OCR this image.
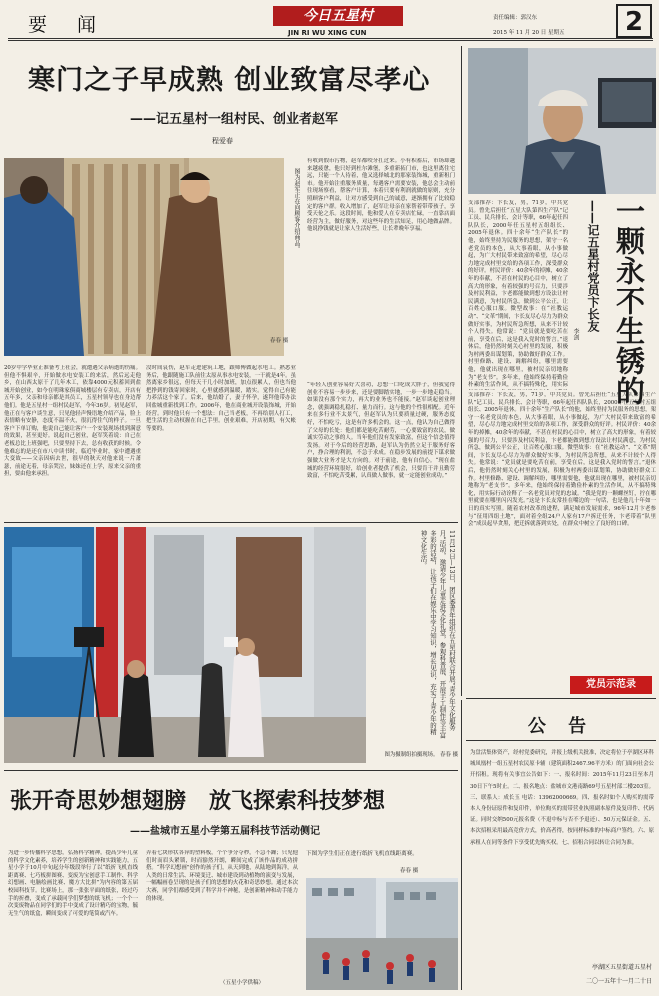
要 闻	今日五星村
JIN RI WU XING CUN
责任编辑：郭汉东
2015 年 11 月 20 日 星期五	2
寒门之子早成熟 创业致富尽孝心
——记五星村一组村民、创业者赵军
程爱春
图为赵军正在向顾客介绍商品。
春春 摄
20岁中学毕业正准备考上社会，就遭遇父亲病逝的伤痛。但他不惧艰辛，开始做水电安装工的来活，然后远走他乡，在山西太原干了几年木工，依靠4000元积蓄回到盐城开始创业，如今在明珠家俱商城楼层有专卖店，开店有五年多，父亲和母亲都是其员工，五星村领导也在身边帮他们。他是五星村一组村民赵军，今年36岁。初见赵军，他正在与客户谈生意，只见他轻声慢语地介绍产品，脸上表情略有安静，态度不温不火，很沉得住气的样子。一旦客户下单订购，他说自己能让客户一个安装现场找到满意的效果，甚至更好。说起自己创业，赵军笑着说：自己在老板总比上班强吧，只要坚持下去，总有收获的时候。令他难忘的是还在市八中读书时，临近毕业时，家中遭遇重大变故——父亲因病去世，很早的秋天对他来说一片萧瑟，前途无着，母亲哭泣，妹妹还在上学，原来父亲的重担，要由他来承担。
没时间哀伤，赵军走进建筑工地，跟师傅做起水电工。熟悉业务后，他跟随施工队前往太原从事水电安装，一干就是4年。虽然离家乡很远，但每天干几小时加班，加点很累人，但也当他把挣到的钱寄回家时，心里就感到温暖，踏实。觉得自己有能力养活这个家了。后来，他结婚了，妻子怀孕，遂拜他带办法回盐城重新找到工作。2006年，他在商业城开设装饰城，开始经营。到时他只有一个想法：自己当老板，不再给别人打工，把生活的主动权握在自己手里。创业艰难，开店初期，有欠帐等要的。
有收到假币污物，赵军都咬牙扛过来。小有积蓄后，市场却越来越疲惫，他只好到杜尔滩堡，多重新拓门市，也这里离住宅远，只能一个人待着，他又选择城北的那家装饰城，重新租门市。他开始注重服务质量，每遇客户需要安装，他总会主动前往现场察看，帮客户计算，本着只要有利润就做的原则，充分照顾客户利益，让对方感受到自己的诚意，逐渐拥有了比较稳定的客户群。收入增加了，赵军让母亲在家帮着带带孩子，享受天伦之乐。这段时间，他和爱人在专卖店忙碌，一直靠店面经营为主，做好服务，对这些年的生活知足，用心地做品牌。他说挣钱就是让家人生活好些，让长辈晚年享福。
“年轻人创业容易好大喜功，总想一口吃成大胖子，但我觉得创业不容易一步步来，还是要脚踏实地，一步一步地走稳当。如果没有那个实力，再大的业务也不能接。”赵军谈起创业理念，就强调稳扎稳打、量力而行。这与他的个性很相配。近年来在多行业不太景气，但赵军认为只要质量过硬，服务态度好，不怕吃亏，这是有许多机会的。这一点，他认为自己做得了父母的长处：他们都是能吃苦耐劳，一心要致富的农民，做诚实劳动之事的人。当年他们没有发家致富，但这个信念值得发扬。对于今后的经营思路，赵军认为仍然立足于服务好客户，挣合理的利润，不急于求成。在稳步发展的前提下谋求做强做大业务才是大方向的。对于前途，他有自信心。“现在盐城的经营环境很好，给创业者提供了机会，只要肯干并且勤劳致富，不怕吃苦受累，认真做人做事，就一定能创业成功。”
一颗永不生锈的
——记五星村党员卞长友
李剑
支部推荐：卞长友，男，71岁，中共党员。曾先后担任“五星大队第四生产队”记工员、民兵排长、会计等职，66年起任四队队长，2000年任五星村五组组长、2005年退休。四十余年“生产队长”的他，始终坚持为民服务的思想，架守一名老党员的本色，从大事着眼，从小事做起，为广大村民带来致富的希望，尽心尽力地完成村里交给的各项工作，深受群众的好评。村民评价：40余年的掉摊，40余年的奉献，不甚在村民的心目中，树立了高大的形象，有着较强的号召力，只要涉及村民利益，卞老都能做到想方设法让村民满意，为村民所急，做到公平公正，让百姓心服口服。微型故事：在“社教运动”、“文革”期间，卞长友尽心尽力为群众做好实事，为村民所急所想，从来不计较个人得失。他常说：“党员就是要吃苦在前，享受在后，这是我入党时的誓言。”退休后，他仍然时刻关心村里的发展，积极为村两委出谋划策，协助做好群众工作。村里修路、建设、调解纠纷，哪里需要他，他就出现在哪里，被村民亲切地称为“老支书”。多年来，他始终保持着勤俭朴素的生活作风，从不搞特殊化，用实际
支部推荐：卞长友，男，71岁，中共党员。曾先后担任“五星大队第四生产队”记工员、民兵排长、会计等职，66年起任四队队长，2000年任五星村五组组长、2005年退休。四十余年“生产队长”的他，始终坚持为民服务的思想，架守一名老党员的本色，从大事着眼，从小事做起，为广大村民带来致富的希望，尽心尽力地完成村里交给的各项工作，深受群众的好评。村民评价：40余年的掉摊，40余年的奉献，不甚在村民的心目中，树立了高大的形象，有着较强的号召力，只要涉及村民利益，卞老都能做到想方设法让村民满意，为村民所急，做到公平公正，让百姓心服口服。微型故事：在“社教运动”、“文革”期间，卞长友尽心尽力为群众做好实事，为村民所急所想，从来不计较个人得失。他常说：“党员就是要吃苦在前，享受在后，这是我入党时的誓言。”退休后，他仍然时刻关心村里的发展，积极为村两委出谋划策，协助做好群众工作。村里修路、建设、调解纠纷，哪里需要他，他就出现在哪里，被村民亲切地称为“老支书”。多年来，他始终保持着勤俭朴素的生活作风，从不搞特殊化，用实际行动诠释了一名老党员对党的忠诚。“我是党的一颗螺丝钉，拧在哪里就要在哪里闪闪发光。”这是卞长友常挂在嘴边的一句话，也是他几十年如一日的真实写照。随着农村改革的进程，满足城市发展需求，96年12月卞老参与“征用四组土地”，面对着全组24户人家有17户拆迁任务，卞老带着“队里会”成员起早贪黑，把迁拆就落到实处，在群众中树立了良好的口碑。
党员示范录
11月12日—13日，团区委青年组织在五星村联合开展“青少年文化服务月”活动，邀请少年儿童走进文化礼堂，参观科普展、开展手工制作等丰富多彩的活动，让孩子们在娱乐中学习知识，增长见识，充实了青少年的精神文化生活。
图为摄制组拍摄现场。 春春 摄
公 告
为盘活集体资产，经村党委研究，并报上级机关批准，决定将位于亭湖区环科城凤凰村一组五星村农民原卡辅（建筑面积2467.96平方米）的门面向社会公开招租。现将有关事宜公告如下：一、报名时间：2015年11月23日至本月30日下午5时止。二、报名地点：盐城市文港南路69号五星村部二楼203室。三、联系人：成长玉 电话：13962000669。四、报名时如个人购买的需带本人身份证原件和复印件，单位购买的需带营业执照副本原件及复印件、代码证。同时交纳500元报名费（不退中标与否不予退还）、50万元保证金。五、本次招租采用最高竞价方式，价高者得，按同样标准的中标商户签约。六、原承租人在同等条件下享受优先购买权。七、招租合同以转让合同为准。
亭湖区五星街道五星村
二〇一五年十一月二十日
张开奇思妙想翅膀   放飞探索科技梦想
——盐城市五星小学第五届科技节活动侧记
为进一步传播科学思想，弘扬科学精神，提高少年儿童的科学文化素养，培养学生的创新精神和实践能力，五星小学于10月中旬起分年级段举行了以“纸折飞机直线距离赛、七巧板拼图赛、变废为宝创意手工制作、科学幻想画、电脑绘画比赛、魔方大比拼”为内容的第五届校园科技节。比赛场上，那一张张平面的纸张，经过巧手的折叠，变成了承载同学们梦想的纸飞机；一个个一次变废物品在同学们的手中变成了设计精巧的宝物，毓无生气的纸盒，瞬间变成了可爱的笔筒或汽车。
弄着七块形状各异的塑料板，个个争分夺秒，不急不躁；只见他们时而眉头紧锁，时而豁然开朗，瞬间完成了该作品的成功拼搭。“科学幻想画”创作的孩子们，从天到地，从陆地到海洋，从人类的日常生活、环境变迁、城市建设到动植物的演变与发展，一幅幅画卷呈现的是孩子们的思想的火花和奇思妙想。通过本次大赛，同学们都感受到了科学并不神秘，是创新精神和动手能力的体现。
（五星小学供稿）
下图为学生们正在进行纸折飞机直线距离赛。
春春 摄
